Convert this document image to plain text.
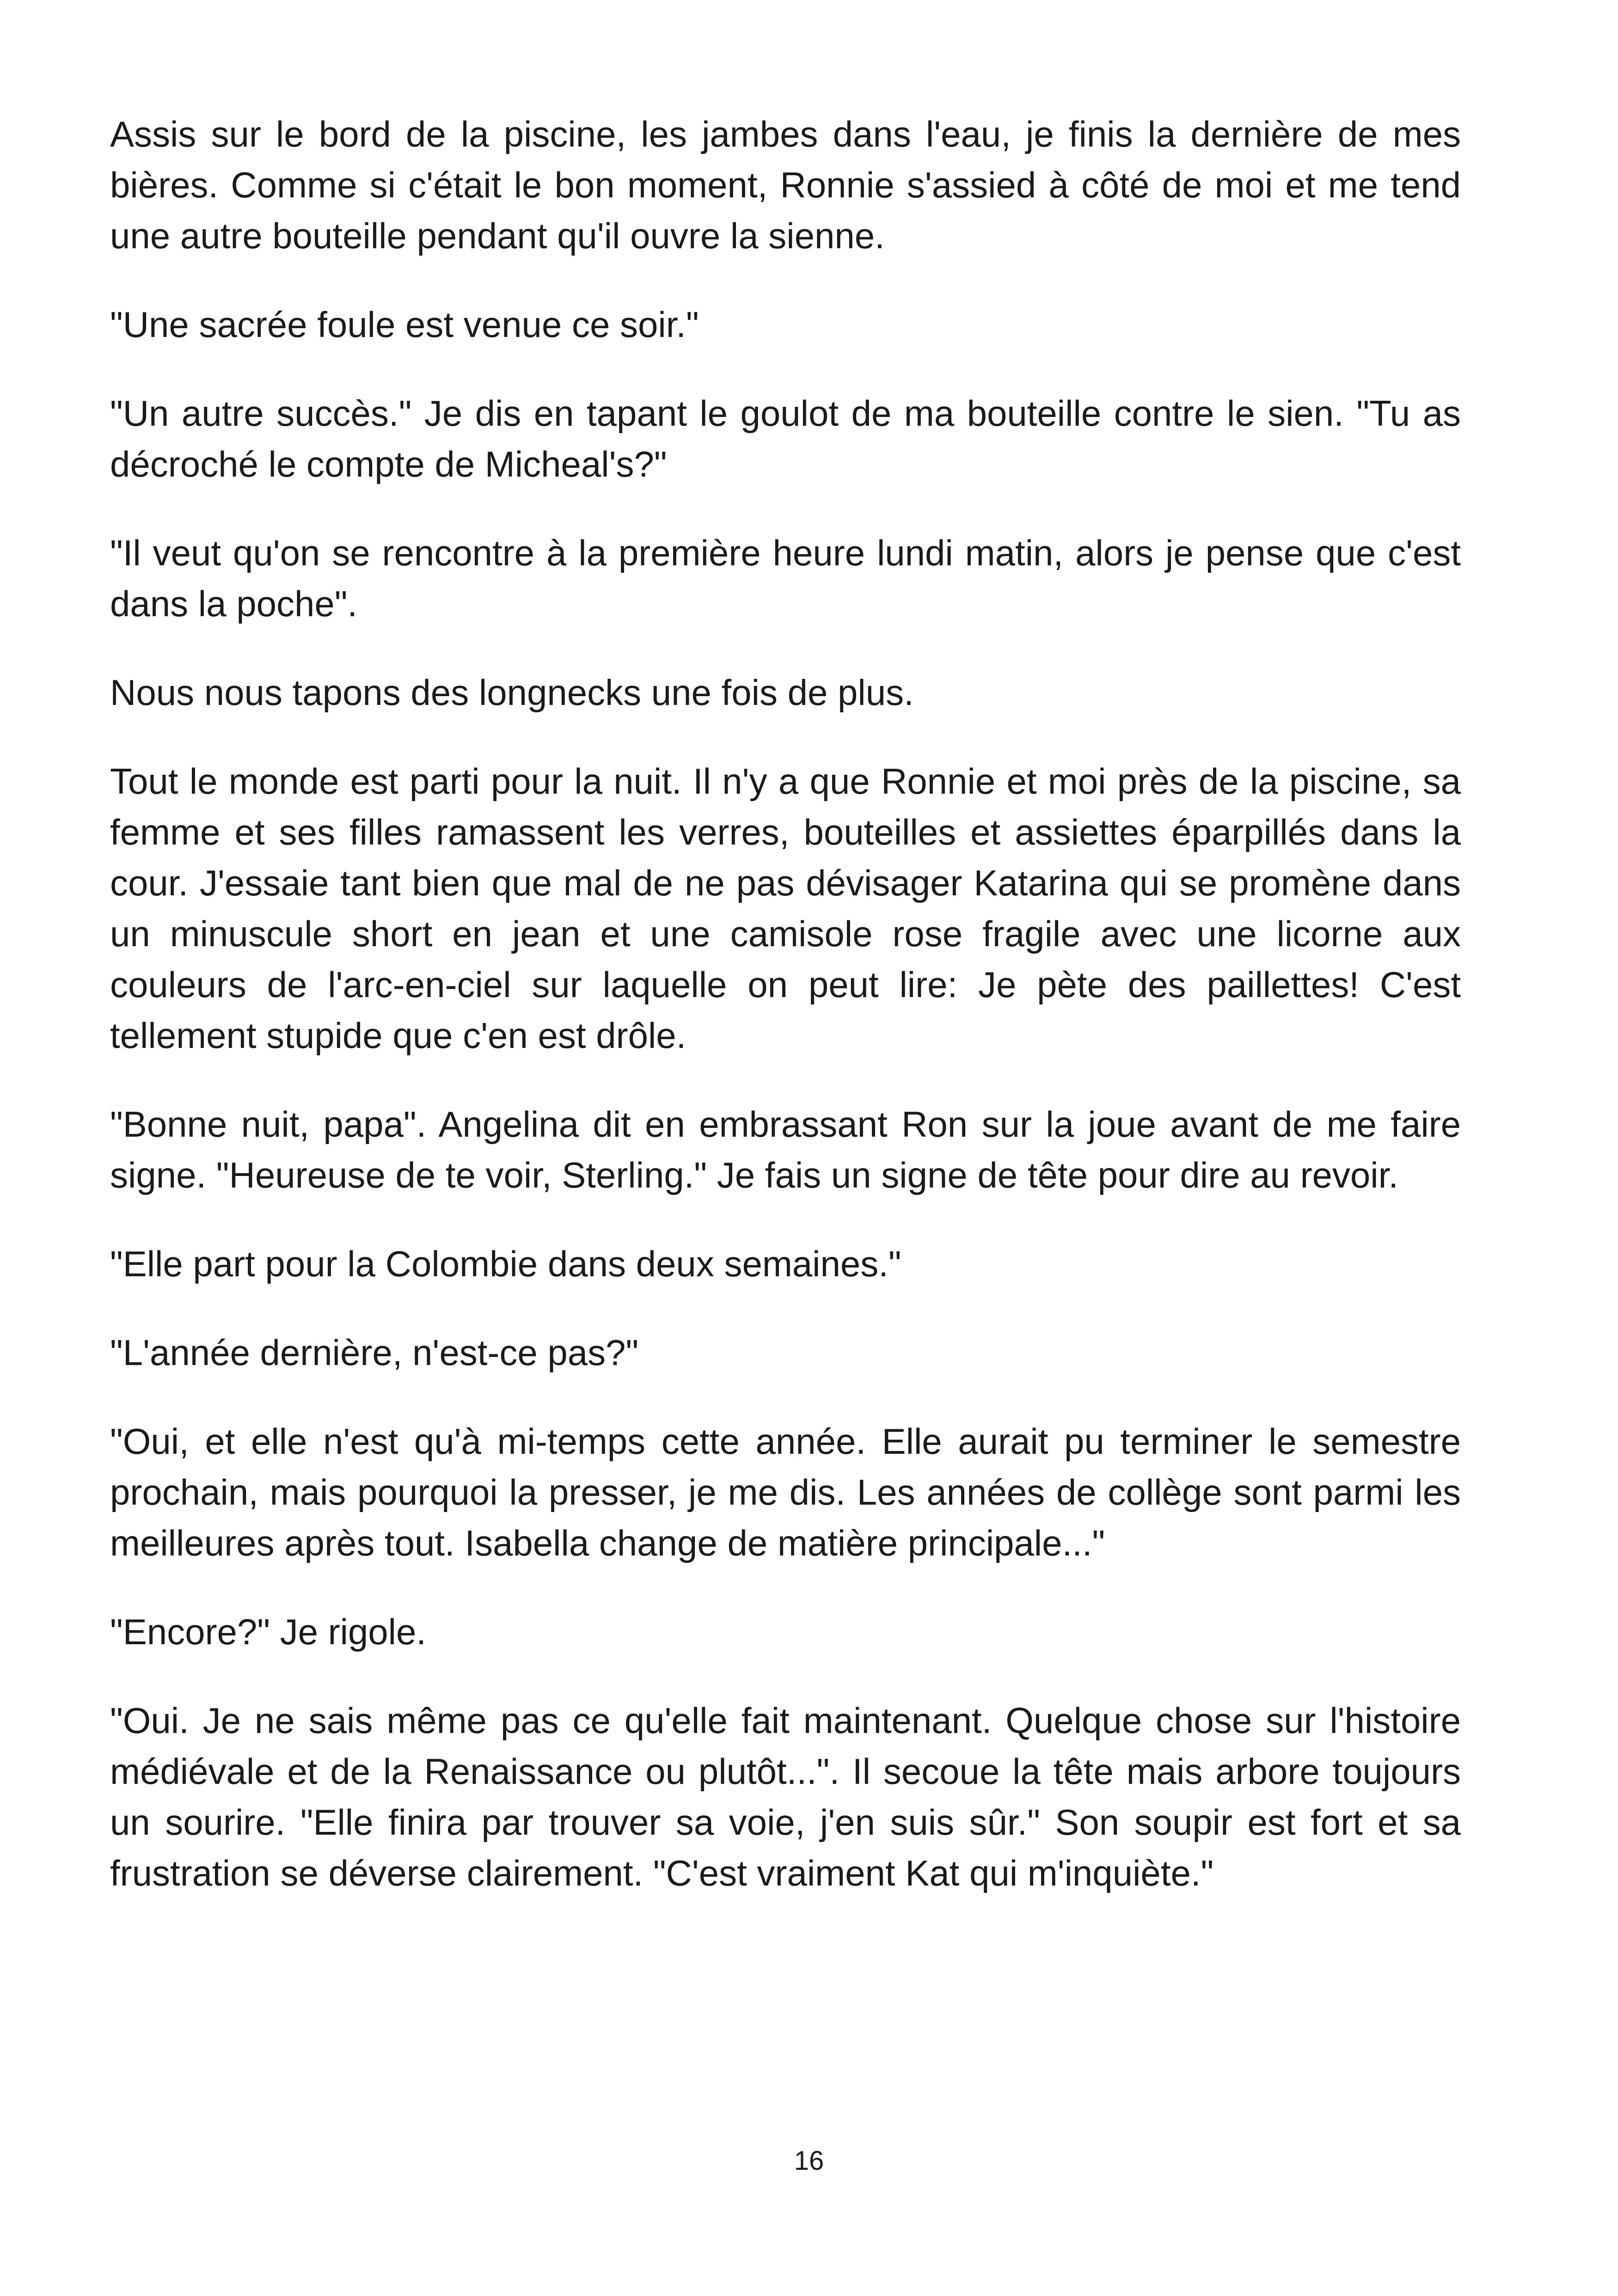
Assis sur le bord de la piscine, les jambes dans l'eau, je finis la dernière de mes bières. Comme si c'était le bon moment, Ronnie s'assied à côté de moi et me tend une autre bouteille pendant qu'il ouvre la sienne.

"Une sacrée foule est venue ce soir."

"Un autre succès." Je dis en tapant le goulot de ma bouteille contre le sien. "Tu as décroché le compte de Micheal's?"

"Il veut qu'on se rencontre à la première heure lundi matin, alors je pense que c'est dans la poche".

Nous nous tapons des longnecks une fois de plus.

Tout le monde est parti pour la nuit. Il n'y a que Ronnie et moi près de la piscine, sa femme et ses filles ramassent les verres, bouteilles et assiettes éparpillés dans la cour. J'essaie tant bien que mal de ne pas dévisager Katarina qui se promène dans un minuscule short en jean et une camisole rose fragile avec une licorne aux couleurs de l'arc-en-ciel sur laquelle on peut lire: Je pète des paillettes! C'est tellement stupide que c'en est drôle.

"Bonne nuit, papa". Angelina dit en embrassant Ron sur la joue avant de me faire signe. "Heureuse de te voir, Sterling." Je fais un signe de tête pour dire au revoir.

"Elle part pour la Colombie dans deux semaines."

"L'année dernière, n'est-ce pas?"

"Oui, et elle n'est qu'à mi-temps cette année. Elle aurait pu terminer le semestre prochain, mais pourquoi la presser, je me dis. Les années de collège sont parmi les meilleures après tout. Isabella change de matière principale..."

"Encore?" Je rigole.

"Oui. Je ne sais même pas ce qu'elle fait maintenant. Quelque chose sur l'histoire médiévale et de la Renaissance ou plutôt...". Il secoue la tête mais arbore toujours un sourire. "Elle finira par trouver sa voie, j'en suis sûr." Son soupir est fort et sa frustration se déverse clairement. "C'est vraiment Kat qui m'inquiète."

16
